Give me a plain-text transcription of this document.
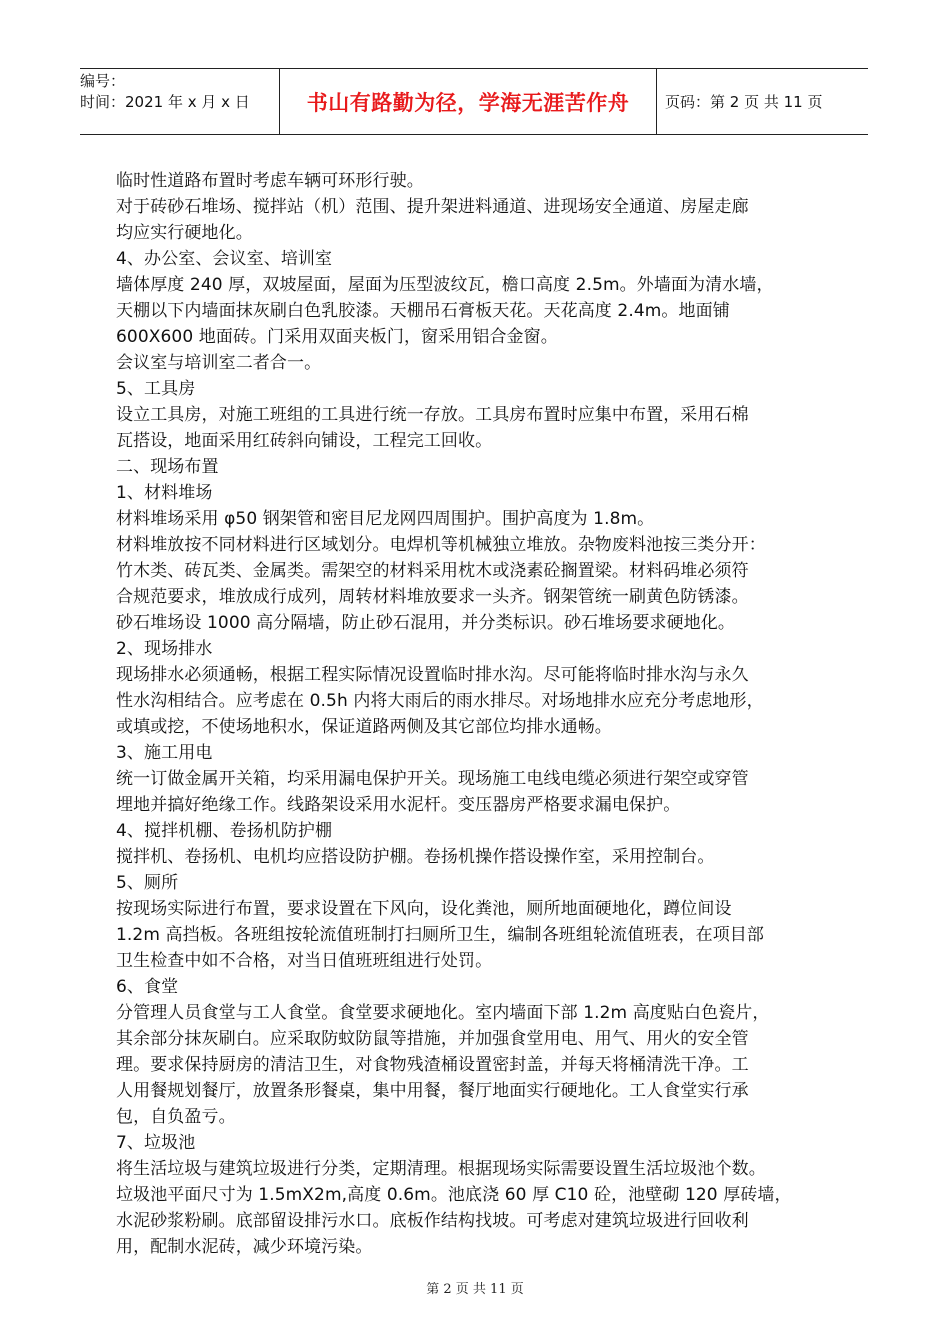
编号：
时间：2021 年 x 月 x 日	书山有路勤为径，学海无涯苦作舟 页码：第 2 页 共 11 页
临时性道路布置时考虑车辆可环形行驶。
对于砖砂石堆场、搅拌站（机）范围、提升架进料通道、进现场安全通道、房屋走廊
均应实行硬地化。
4、办公室、会议室、培训室
墙体厚度 240 厚，双坡屋面，屋面为压型波纹瓦，檐口高度 2.5m。外墙面为清水墙，
天棚以下内墙面抹灰刷白色乳胶漆。天棚吊石膏板天花。天花高度 2.4m。地面铺
600X600 地面砖。门采用双面夹板门，窗采用铝合金窗。
会议室与培训室二者合一。
5、工具房
设立工具房，对施工班组的工具进行统一存放。工具房布置时应集中布置，采用石棉
瓦搭设，地面采用红砖斜向铺设，工程完工回收。
二、现场布置
1、材料堆场
材料堆场采用 φ50 钢架管和密目尼龙网四周围护。围护高度为 1.8m。
材料堆放按不同材料进行区域划分。电焊机等机械独立堆放。杂物废料池按三类分开：
竹木类、砖瓦类、金属类。需架空的材料采用枕木或浇素砼搁置梁。材料码堆必须符
合规范要求，堆放成行成列，周转材料堆放要求一头齐。钢架管统一刷黄色防锈漆。
砂石堆场设 1000 高分隔墙，防止砂石混用，并分类标识。砂石堆场要求硬地化。
2、现场排水
现场排水必须通畅，根据工程实际情况设置临时排水沟。尽可能将临时排水沟与永久
性水沟相结合。应考虑在 0.5h 内将大雨后的雨水排尽。对场地排水应充分考虑地形，
或填或挖，不使场地积水，保证道路两侧及其它部位均排水通畅。
3、施工用电
统一订做金属开关箱，均采用漏电保护开关。现场施工电线电缆必须进行架空或穿管
埋地并搞好绝缘工作。线路架设采用水泥杆。变压器房严格要求漏电保护。
4、搅拌机棚、卷扬机防护棚
搅拌机、卷扬机、电机均应搭设防护棚。卷扬机操作搭设操作室，采用控制台。
5、厕所
按现场实际进行布置，要求设置在下风向，设化粪池，厕所地面硬地化，蹲位间设
1.2m 高挡板。各班组按轮流值班制打扫厕所卫生，编制各班组轮流值班表，在项目部
卫生检查中如不合格，对当日值班班组进行处罚。
6、食堂
分管理人员食堂与工人食堂。食堂要求硬地化。室内墙面下部 1.2m 高度贴白色瓷片，
其余部分抹灰刷白。应采取防蚊防鼠等措施，并加强食堂用电、用气、用火的安全管
理。要求保持厨房的清洁卫生，对食物残渣桶设置密封盖，并每天将桶清洗干净。工
人用餐规划餐厅，放置条形餐桌，集中用餐，餐厅地面实行硬地化。工人食堂实行承
包，自负盈亏。
7、垃圾池
将生活垃圾与建筑垃圾进行分类，定期清理。根据现场实际需要设置生活垃圾池个数。
垃圾池平面尺寸为 1.5mX2m,高度 0.6m。池底浇 60 厚 C10 砼，池壁砌 120 厚砖墙，
水泥砂浆粉刷。底部留设排污水口。底板作结构找坡。可考虑对建筑垃圾进行回收利
用，配制水泥砖，减少环境污染。
第 2 页 共 11 页
